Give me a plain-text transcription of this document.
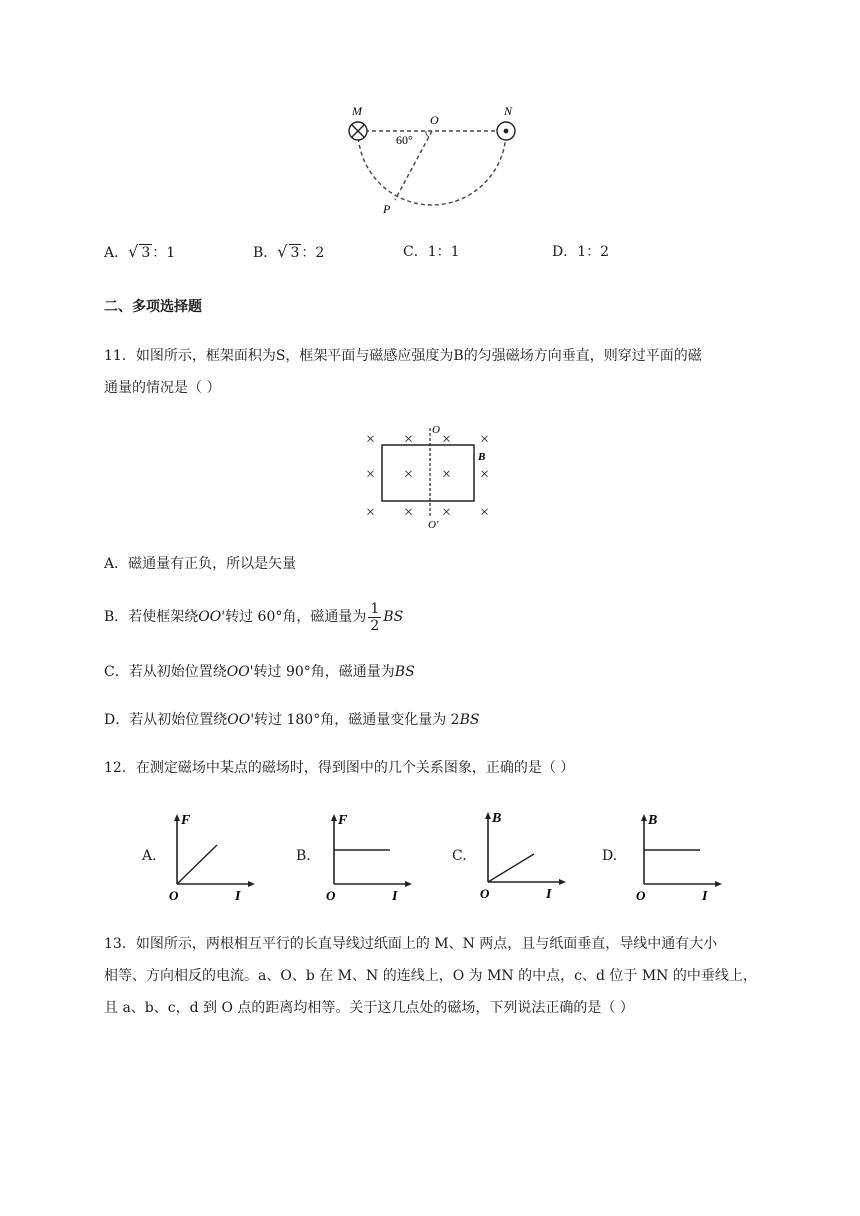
M
O
N
P
60°
A．√ 3 ：1	B．√ 3 ：2	C．1：1	D．1：2
二、多项选择题
11．如图所示，框架面积为S，框架平面与磁感应强度为B的匀强磁场方向垂直，则穿过平面的磁
通量的情况是（ ）
× × × ×
× × × ×
× × × ×
O
O'
B
A．磁通量有正负，所以是矢量
B．若使框架绕OO'转过 60°角，磁通量为 $\frac{1}{2}$ BS
C．若从初始位置绕OO'转过 90°角，磁通量为BS
D．若从初始位置绕OO'转过 180°角，磁通量变化量为 2BS
12．在测定磁场中某点的磁场时，得到图中的几个关系图象，正确的是（ ）
A.
F
I
O
B.
F
I
O
C.
B
I
O
D.
B
I
O
13．如图所示，两根相互平行的长直导线过纸面上的 M、N 两点，且与纸面垂直，导线中通有大小
相等、方向相反的电流。a、O、b 在 M、N 的连线上，O 为 MN 的中点，c、d 位于 MN 的中垂线上，
且 a、b、c，d 到 O 点的距离均相等。关于这几点处的磁场，下列说法正确的是（ ）
